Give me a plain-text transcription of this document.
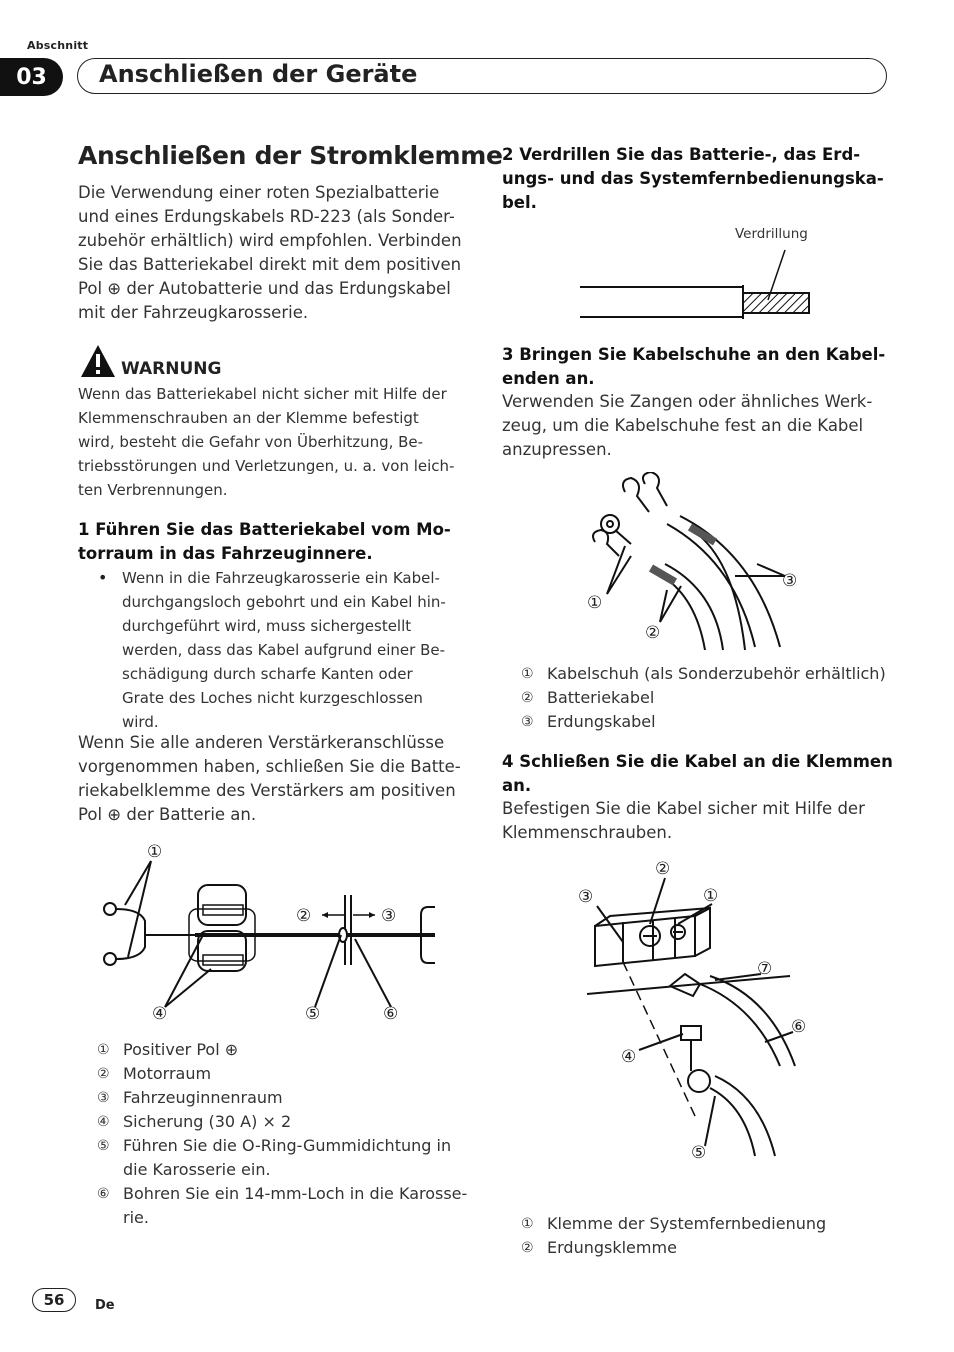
Abschnitt
03	Anschließen der Geräte
Anschließen der Stromklemme
Die Verwendung einer roten Spezialbatterie
und eines Erdungskabels RD-223 (als Sonder-
zubehör erhältlich) wird empfohlen. Verbinden
Sie das Batteriekabel direkt mit dem positiven
Pol ⊕ der Autobatterie und das Erdungskabel
mit der Fahrzeugkarosserie.
WARNUNG
Wenn das Batteriekabel nicht sicher mit Hilfe der
Klemmenschrauben an der Klemme befestigt
wird, besteht die Gefahr von Überhitzung, Be-
triebsstörungen und Verletzungen, u. a. von leich-
ten Verbrennungen.
1 Führen Sie das Batteriekabel vom Mo-
torraum in das Fahrzeuginnere.
• Wenn in die Fahrzeugkarosserie ein Kabel-
durchgangsloch gebohrt und ein Kabel hin-
durchgeführt wird, muss sichergestellt
werden, dass das Kabel aufgrund einer Be-
schädigung durch scharfe Kanten oder
Grate des Loches nicht kurzgeschlossen
wird.
Wenn Sie alle anderen Verstärkeranschlüsse
vorgenommen haben, schließen Sie die Batte-
riekabelklemme des Verstärkers am positiven
Pol ⊕ der Batterie an.
①
②	③
④	⑤	⑥
① Positiver Pol ⊕
② Motorraum
③ Fahrzeuginnenraum
④ Sicherung (30 A) × 2
⑤ Führen Sie die O-Ring-Gummidichtung in
die Karosserie ein.
⑥ Bohren Sie ein 14-mm-Loch in die Karosse-
rie.
2 Verdrillen Sie das Batterie-, das Erd-
ungs- und das Systemfernbedienungska-
bel.
Verdrillung
3 Bringen Sie Kabelschuhe an den Kabel-
enden an.
Verwenden Sie Zangen oder ähnliches Werk-
zeug, um die Kabelschuhe fest an die Kabel
anzupressen.
①
②
③
① Kabelschuh (als Sonderzubehör erhältlich)
② Batteriekabel
③ Erdungskabel
4 Schließen Sie die Kabel an die Klemmen
an.
Befestigen Sie die Kabel sicher mit Hilfe der
Klemmenschrauben.
①
②
③
④
⑤
⑥
⑦
① Klemme der Systemfernbedienung
② Erdungsklemme
56	De
